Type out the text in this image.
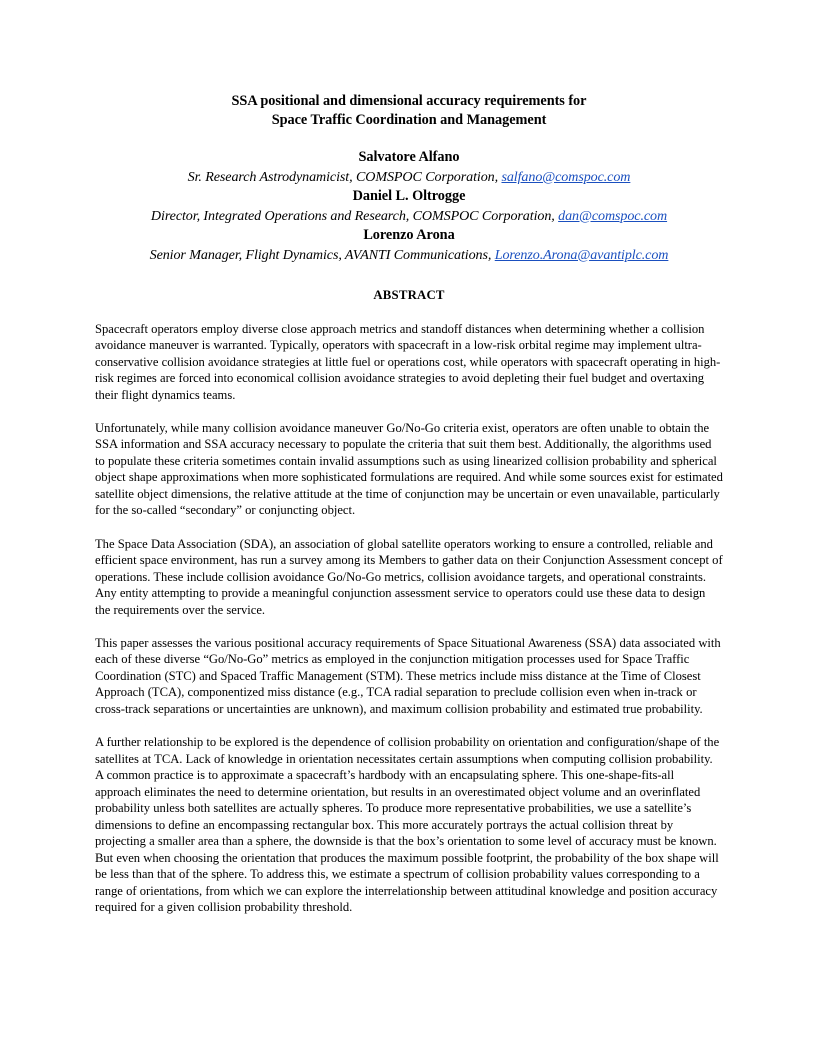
SSA positional and dimensional accuracy requirements for
Space Traffic Coordination and Management
Salvatore Alfano
Sr. Research Astrodynamicist, COMSPOC Corporation, salfano@comspoc.com
Daniel L. Oltrogge
Director, Integrated Operations and Research, COMSPOC Corporation, dan@comspoc.com
Lorenzo Arona
Senior Manager, Flight Dynamics, AVANTI Communications, Lorenzo.Arona@avantiplc.com
ABSTRACT

Spacecraft operators employ diverse close approach metrics and standoff distances when determining whether a collision avoidance maneuver is warranted. Typically, operators with spacecraft in a low-risk orbital regime may implement ultra-conservative collision avoidance strategies at little fuel or operations cost, while operators with spacecraft operating in high-risk regimes are forced into economical collision avoidance strategies to avoid depleting their fuel budget and overtaxing their flight dynamics teams.

Unfortunately, while many collision avoidance maneuver Go/No-Go criteria exist, operators are often unable to obtain the SSA information and SSA accuracy necessary to populate the criteria that suit them best. Additionally, the algorithms used to populate these criteria sometimes contain invalid assumptions such as using linearized collision probability and spherical object shape approximations when more sophisticated formulations are required. And while some sources exist for estimated satellite object dimensions, the relative attitude at the time of conjunction may be uncertain or even unavailable, particularly for the so-called “secondary” or conjuncting object.

The Space Data Association (SDA), an association of global satellite operators working to ensure a controlled, reliable and efficient space environment, has run a survey among its Members to gather data on their Conjunction Assessment concept of operations. These include collision avoidance Go/No-Go metrics, collision avoidance targets, and operational constraints. Any entity attempting to provide a meaningful conjunction assessment service to operators could use these data to design the requirements over the service.

This paper assesses the various positional accuracy requirements of Space Situational Awareness (SSA) data associated with each of these diverse “Go/No-Go” metrics as employed in the conjunction mitigation processes used for Space Traffic Coordination (STC) and Spaced Traffic Management (STM). These metrics include miss distance at the Time of Closest Approach (TCA), componentized miss distance (e.g., TCA radial separation to preclude collision even when in-track or cross-track separations or uncertainties are unknown), and maximum collision probability and estimated true probability.

A further relationship to be explored is the dependence of collision probability on orientation and configuration/shape of the satellites at TCA. Lack of knowledge in orientation necessitates certain assumptions when computing collision probability. A common practice is to approximate a spacecraft’s hardbody with an encapsulating sphere. This one-shape-fits-all approach eliminates the need to determine orientation, but results in an overestimated object volume and an overinflated probability unless both satellites are actually spheres. To produce more representative probabilities, we use a satellite’s dimensions to define an encompassing rectangular box. This more accurately portrays the actual collision threat by projecting a smaller area than a sphere, the downside is that the box’s orientation to some level of accuracy must be known. But even when choosing the orientation that produces the maximum possible footprint, the probability of the box shape will be less than that of the sphere. To address this, we estimate a spectrum of collision probability values corresponding to a range of orientations, from which we can explore the interrelationship between attitudinal knowledge and position accuracy required for a given collision probability threshold.
